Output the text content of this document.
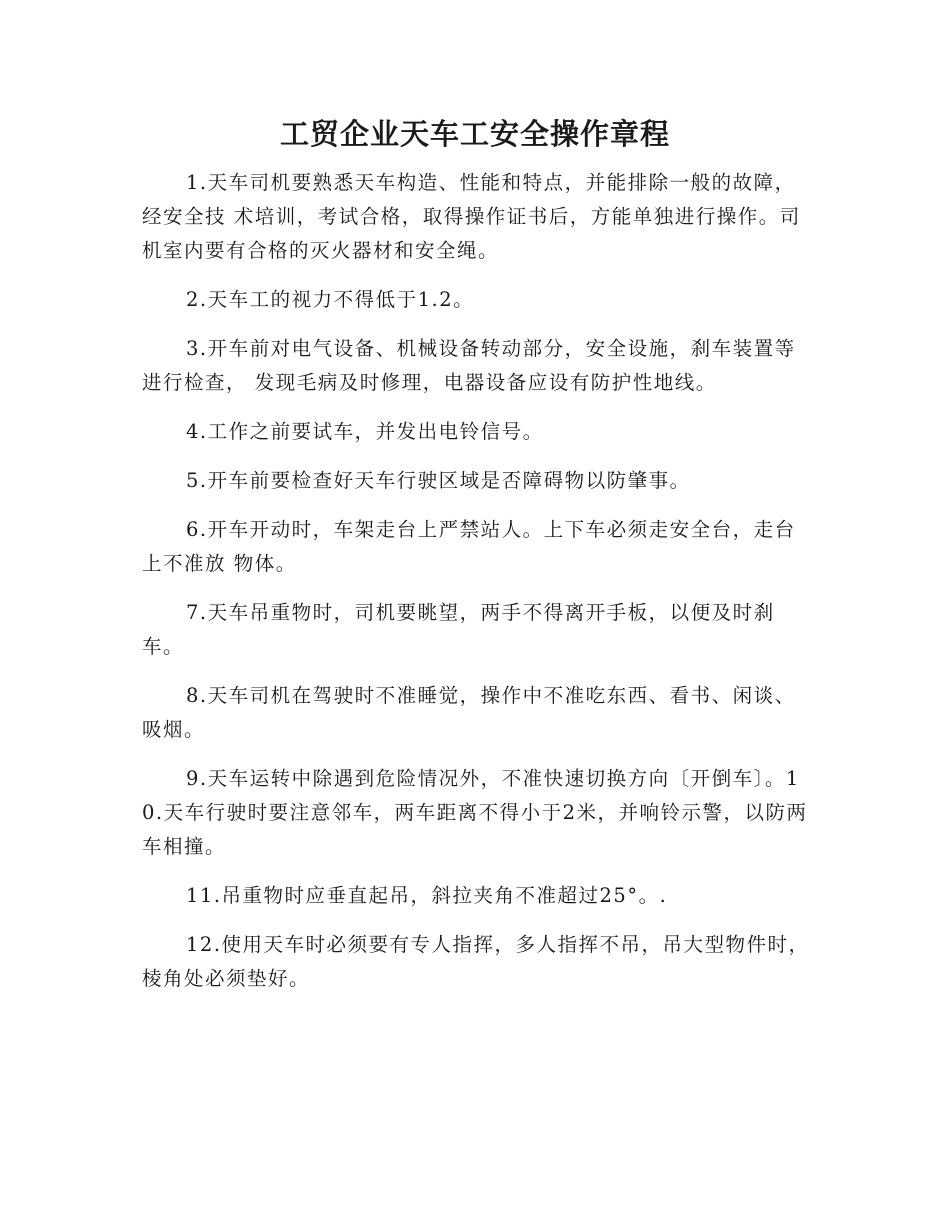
工贸企业天车工安全操作章程

1.天车司机要熟悉天车构造、性能和特点，并能排除一般的故障，经安全技 术培训，考试合格，取得操作证书后，方能单独进行操作。司机室内要有合格的灭火器材和安全绳。

2.天车工的视力不得低于1.2。

3.开车前对电气设备、机械设备转动部分，安全设施，刹车装置等进行检查， 发现毛病及时修理，电器设备应设有防护性地线。

4.工作之前要试车，并发出电铃信号。

5.开车前要检查好天车行驶区域是否障碍物以防肇事。

6.开车开动时，车架走台上严禁站人。上下车必须走安全台，走台上不准放 物体。

7.天车吊重物时，司机要眺望，两手不得离开手板，以便及时刹车。

8.天车司机在驾驶时不准睡觉，操作中不准吃东西、看书、闲谈、吸烟。

9.天车运转中除遇到危险情况外，不准快速切换方向〔开倒车〕。10.天车行驶时要注意邻车，两车距离不得小于2米，并响铃示警，以防两车相撞。

11.吊重物时应垂直起吊，斜拉夹角不准超过25°。.

12.使用天车时必须要有专人指挥，多人指挥不吊，吊大型物件时，棱角处必须垫好。
